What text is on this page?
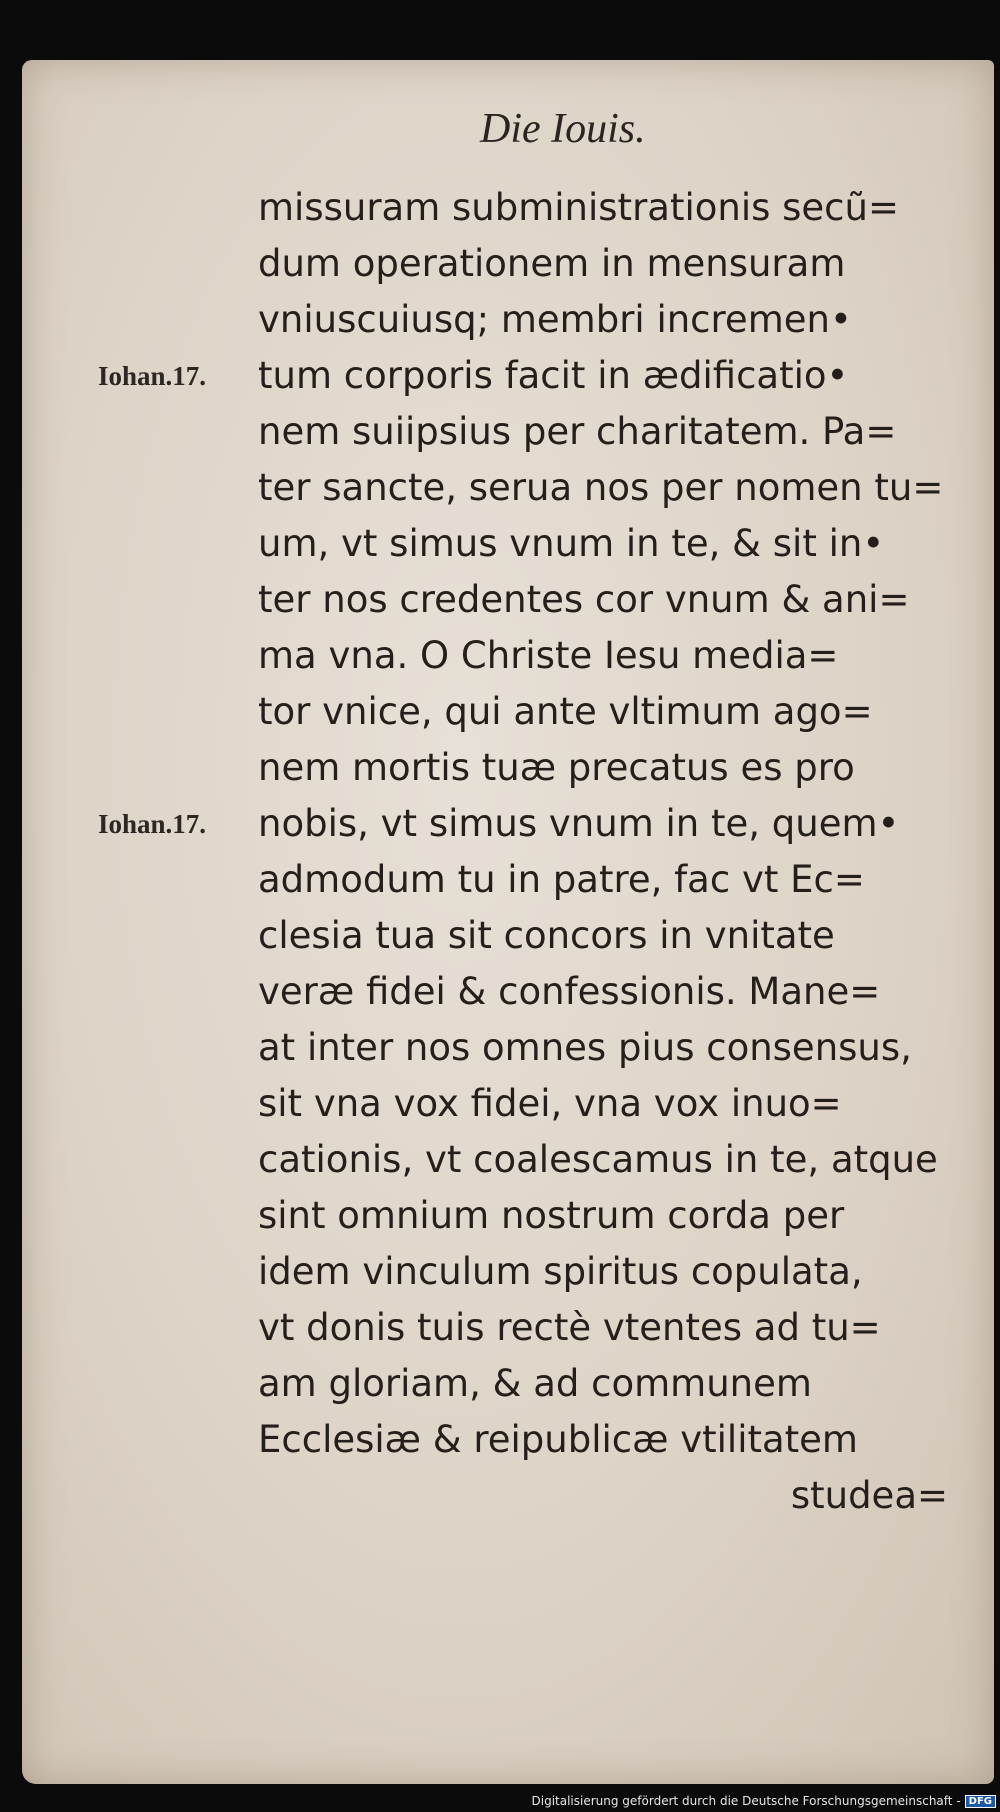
Die Iouis.
missuram subministrationis secũ=
dum operationem in mensuram
vniuscuiusq; membri incremen•
tum corporis facit in ædificatio•
nem suiipsius per charitatem. Pa=
ter sancte, serua nos per nomen tu=
um, vt simus vnum in te, & sit in•
ter nos credentes cor vnum & ani=
ma vna. O Christe Iesu media=
tor vnice, qui ante vltimum ago=
nem mortis tuæ precatus es pro
nobis, vt simus vnum in te, quem•
admodum tu in patre, fac vt Ec=
clesia tua sit concors in vnitate
veræ fidei & confessionis. Mane=
at inter nos omnes pius consensus,
sit vna vox fidei, vna vox inuo=
cationis, vt coalescamus in te, atque
sint omnium nostrum corda per
idem vinculum spiritus copulata,
vt donis tuis rectè vtentes ad tu=
am gloriam, & ad communem
Ecclesiæ & reipublicæ vtilitatem
studea=

Iohan.17.

Iohan.17.

Digitalisierung gefördert durch die Deutsche Forschungsgemeinschaft - DFG
